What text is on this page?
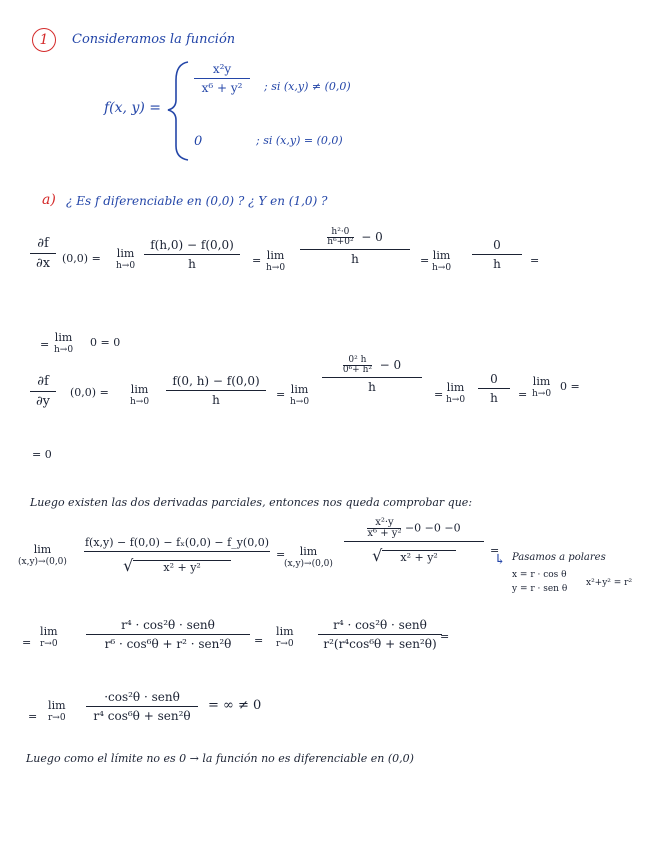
1 Consideramos la función
f(x, y) =
x²y
x⁶ + y²	; si (x,y) ≠ (0,0)
0	; si (x,y) = (0,0)
a) ¿ Es f diferenciable en (0,0) ? ¿ Y en (1,0) ?
∂f
∂x	(0,0) = lim
h→0
f(h,0) − f(0,0)
h	= lim
h→0
$\frac{\text{h²·0}}{\text{h⁶+0²}} - 0$
h	= lim
h→0
0
h	=
=
lim
h→0
0 = 0
∂f
∂y
(0,0) = lim
h→0
f(0, h) − f(0,0)
h	= lim
h→0
$\frac{\text{0² h}}{\text{0⁶+ h²}} - 0$
h
=
lim
h→0
0
h	=
lim
h→0
0 =
= 0
Luego existen las dos derivadas parciales, entonces nos queda comprobar que:
lim
(x,y)→(0,0)
f(x,y) − f(0,0) − fₓ(0,0) − f_y(0,0)
√	x² + y²
=	lim
(x,y)→(0,0)
$\frac{\text{x²·y}}{\text{x⁶ + y²}} -0 -0 -0$
√ x² + y²
=
↳ Pasamos a polares
x = r · cos θ
y = r · sen θ
x²+y² = r²
=
lim
r→0
r⁴ · cos²θ · senθ
r⁶ · cos⁶θ + r² · sen²θ	=
lim
r→0
r⁴ · cos²θ · senθ
r²(r⁴cos⁶θ + sen²θ)
=
=
lim
r→0
·cos²θ · senθ
r⁴ cos⁶θ + sen²θ
= ∞ ≠ 0
Luego como el límite no es 0 → la función no es diferenciable en (0,0)
